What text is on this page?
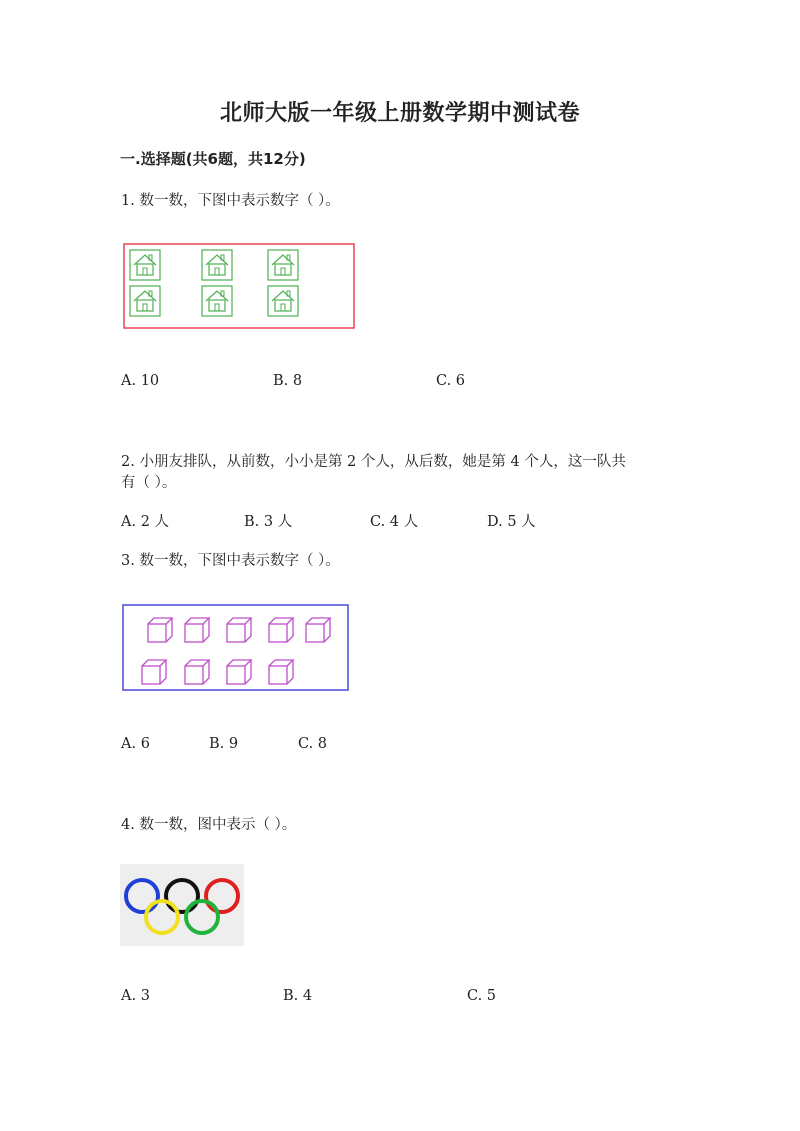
北师大版一年级上册数学期中测试卷
一.选择题(共6题，共12分)
1. 数一数，下图中表示数字（ ）。
A. 10	B. 8	C. 6
2. 小朋友排队，从前数，小小是第 2 个人，从后数，她是第 4 个人，这一队共
有（ ）。
A. 2 人	B. 3 人	C. 4 人	D. 5 人
3. 数一数，下图中表示数字（ ）。
A. 6	B. 9	C. 8
4. 数一数，图中表示（ ）。
A. 3	B. 4	C. 5
